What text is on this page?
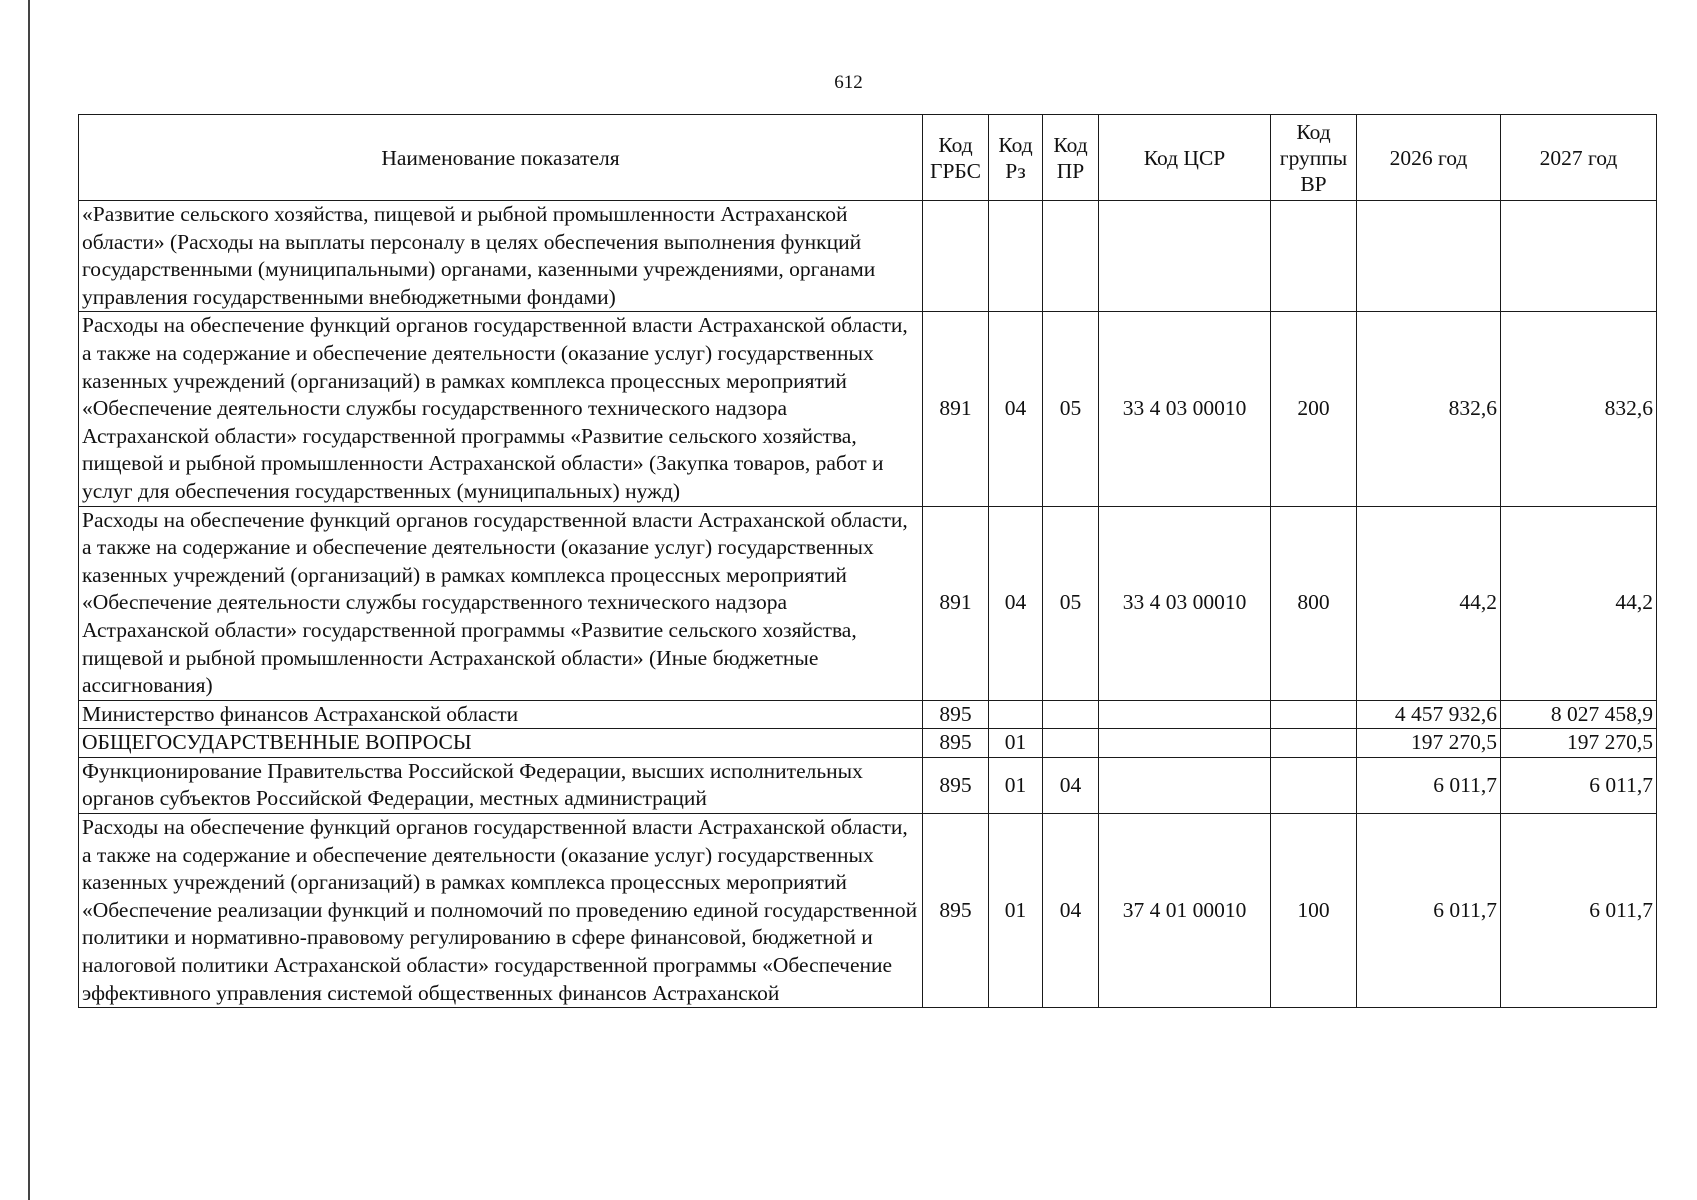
612
Наименование показателя	Код ГРБС	Код Рз	Код ПР	Код ЦСР	Код группы ВР	2026 год	2027 год
«Развитие сельского хозяйства, пищевой и рыбной промышленности Астраханской области» (Расходы на выплаты персоналу в целях обеспечения выполнения функций государственными (муниципальными) органами, казенными учреждениями, органами управления государственными внебюджетными фондами)							
Расходы на обеспечение функций органов государственной власти Астраханской области, а также на содержание и обеспечение деятельности (оказание услуг) государственных казенных учреждений (организаций) в рамках комплекса процессных мероприятий «Обеспечение деятельности службы государственного технического надзора Астраханской области» государственной программы «Развитие сельского хозяйства, пищевой и рыбной промышленности Астраханской области» (Закупка товаров, работ и услуг для обеспечения государственных (муниципальных) нужд)	891	04	05	33 4 03 00010	200	832,6	832,6
Расходы на обеспечение функций органов государственной власти Астраханской области, а также на содержание и обеспечение деятельности (оказание услуг) государственных казенных учреждений (организаций) в рамках комплекса процессных мероприятий «Обеспечение деятельности службы государственного технического надзора Астраханской области» государственной программы «Развитие сельского хозяйства, пищевой и рыбной промышленности Астраханской области» (Иные бюджетные ассигнования)	891	04	05	33 4 03 00010	800	44,2	44,2
Министерство финансов Астраханской области	895					4 457 932,6	8 027 458,9
ОБЩЕГОСУДАРСТВЕННЫЕ ВОПРОСЫ	895	01				197 270,5	197 270,5
Функционирование Правительства Российской Федерации, высших исполнительных органов субъектов Российской Федерации, местных администраций	895	01	04			6 011,7	6 011,7
Расходы на обеспечение функций органов государственной власти Астраханской области, а также на содержание и обеспечение деятельности (оказание услуг) государственных казенных учреждений (организаций) в рамках комплекса процессных мероприятий «Обеспечение реализации функций и полномочий по проведению единой государственной политики и нормативно-правовому регулированию в сфере финансовой, бюджетной и налоговой политики Астраханской области» государственной программы «Обеспечение эффективного управления системой общественных финансов Астраханской	895	01	04	37 4 01 00010	100	6 011,7	6 011,7
